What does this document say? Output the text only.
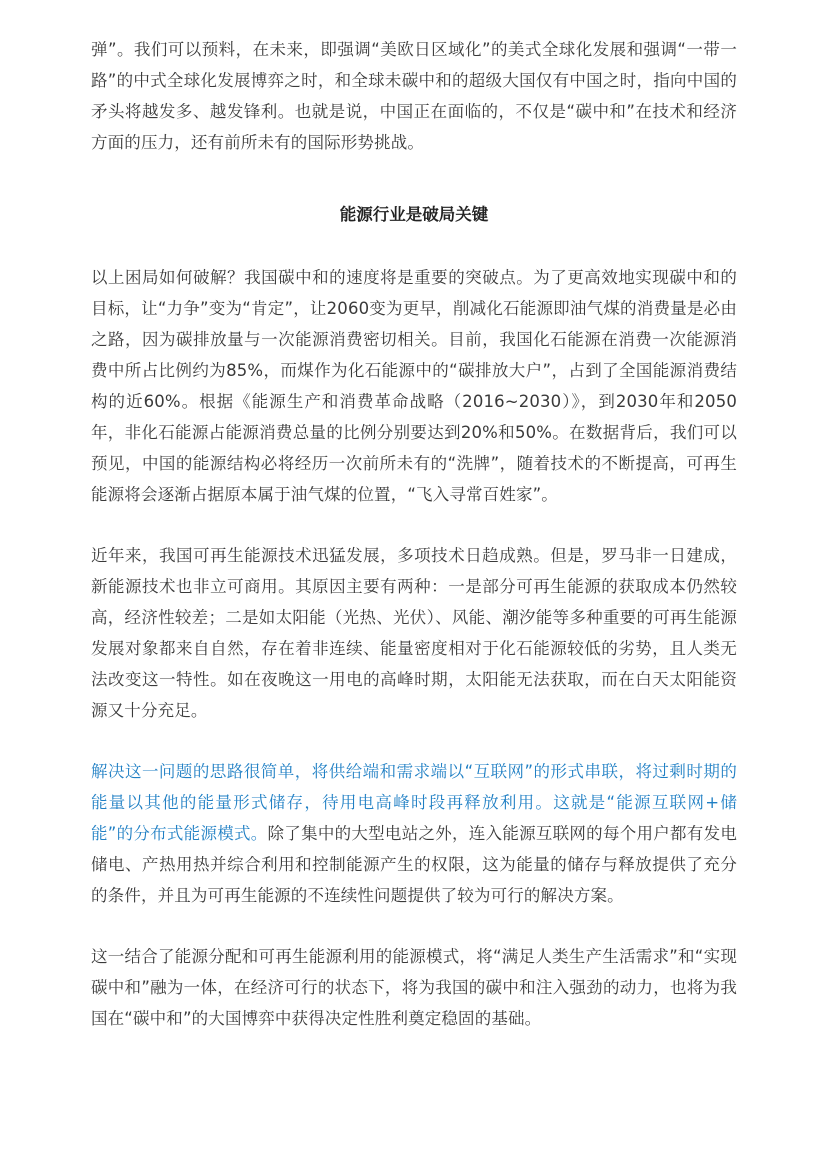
弹”。我们可以预料，在未来，即强调“美欧日区域化”的美式全球化发展和强调“一带一路”的中式全球化发展博弈之时，和全球未碳中和的超级大国仅有中国之时，指向中国的矛头将越发多、越发锋利。也就是说，中国正在面临的，不仅是“碳中和”在技术和经济方面的压力，还有前所未有的国际形势挑战。

能源行业是破局关键

以上困局如何破解？我国碳中和的速度将是重要的突破点。为了更高效地实现碳中和的目标，让“力争”变为“肯定”，让2060变为更早，削减化石能源即油气煤的消费量是必由之路，因为碳排放量与一次能源消费密切相关。目前，我国化石能源在消费一次能源消费中所占比例约为85%，而煤作为化石能源中的“碳排放大户”，占到了全国能源消费结构的近60%。根据《能源生产和消费革命战略（2016~2030）》，到2030年和2050年，非化石能源占能源消费总量的比例分别要达到20%和50%。在数据背后，我们可以预见，中国的能源结构必将经历一次前所未有的“洗牌”，随着技术的不断提高，可再生能源将会逐渐占据原本属于油气煤的位置，“飞入寻常百姓家”。

近年来，我国可再生能源技术迅猛发展，多项技术日趋成熟。但是，罗马非一日建成，新能源技术也非立可商用。其原因主要有两种：一是部分可再生能源的获取成本仍然较高，经济性较差；二是如太阳能（光热、光伏）、风能、潮汐能等多种重要的可再生能源发展对象都来自自然，存在着非连续、能量密度相对于化石能源较低的劣势，且人类无法改变这一特性。如在夜晚这一用电的高峰时期，太阳能无法获取，而在白天太阳能资源又十分充足。

解决这一问题的思路很简单，将供给端和需求端以“互联网”的形式串联，将过剩时期的能量以其他的能量形式储存，待用电高峰时段再释放利用。这就是“能源互联网+储能”的分布式能源模式。除了集中的大型电站之外，连入能源互联网的每个用户都有发电储电、产热用热并综合利用和控制能源产生的权限，这为能量的储存与释放提供了充分的条件，并且为可再生能源的不连续性问题提供了较为可行的解决方案。

这一结合了能源分配和可再生能源利用的能源模式，将“满足人类生产生活需求”和“实现碳中和”融为一体，在经济可行的状态下，将为我国的碳中和注入强劲的动力，也将为我国在“碳中和”的大国博弈中获得决定性胜利奠定稳固的基础。
